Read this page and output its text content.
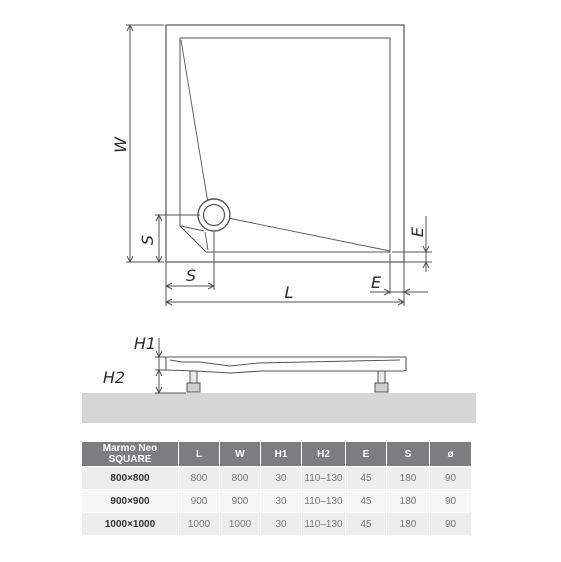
W
S
S
L
E
E
H1
H2
Marmo Neo SQUARE	L	W	H1	H2	E	S	ø
800×800	800	800	30	110–130	45	180	90
900×900	900	900	30	110–130	45	180	90
1000×1000	1000	1000	30	110–130	45	180	90
